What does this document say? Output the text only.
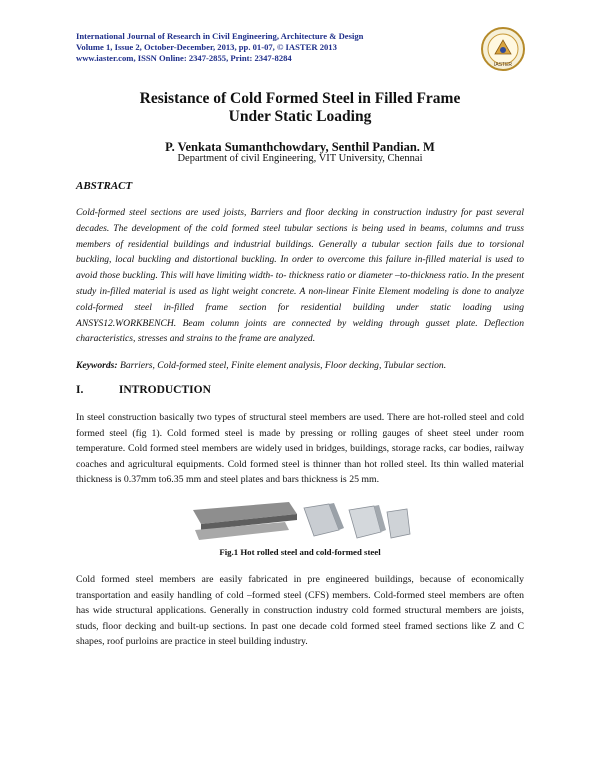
International Journal of Research in Civil Engineering, Architecture & Design
Volume 1, Issue 2, October-December, 2013, pp. 01-07, © IASTER 2013
www.iaster.com, ISSN Online: 2347-2855, Print: 2347-8284
IASTER
Resistance of Cold Formed Steel in Filled Frame
Under Static Loading
P. Venkata Sumanthchowdary, Senthil Pandian. M
Department of civil Engineering, VIT University, Chennai
ABSTRACT
Cold-formed steel sections are used joists, Barriers and floor decking in construction industry for past several decades. The development of the cold formed steel tubular sections is being used in beams, columns and truss members of residential buildings and industrial buildings. Generally a tubular section fails due to torsional buckling, local buckling and distortional buckling. In order to overcome this failure in-filled material is used to avoid those buckling. This will have limiting width- to- thickness ratio or diameter –to-thickness ratio. In the present study in-filled material is used as light weight concrete. A non-linear Finite Element modeling is done to analyze cold-formed steel in-filled frame section for residential building under static loading using ANSYS12.WORKBENCH. Beam column joints are connected by welding through gusset plate. Deflection characteristics, stresses and strains to the frame are analyzed.
Keywords: Barriers, Cold-formed steel, Finite element analysis, Floor decking, Tubular section.
I.	INTRODUCTION
In steel construction basically two types of structural steel members are used. There are hot-rolled steel and cold formed steel (fig 1). Cold formed steel is made by pressing or rolling gauges of sheet steel under room temperature. Cold formed steel members are widely used in bridges, buildings, storage racks, car bodies, railway coaches and agricultural equipments. Cold formed steel is thinner than hot rolled steel. Its thin walled material thickness is 0.37mm to6.35 mm and steel plates and bars thickness is 25 mm.
Fig.1 Hot rolled steel and cold-formed steel
Cold formed steel members are easily fabricated in pre engineered buildings, because of economically transportation and easily handling of cold –formed steel (CFS) members. Cold-formed steel members are often has wide structural applications. Generally in construction industry cold formed structural members are joists, studs, floor decking and built-up sections. In past one decade cold formed steel framed sections like Z and C shapes, roof purloins are practice in steel building industry.
